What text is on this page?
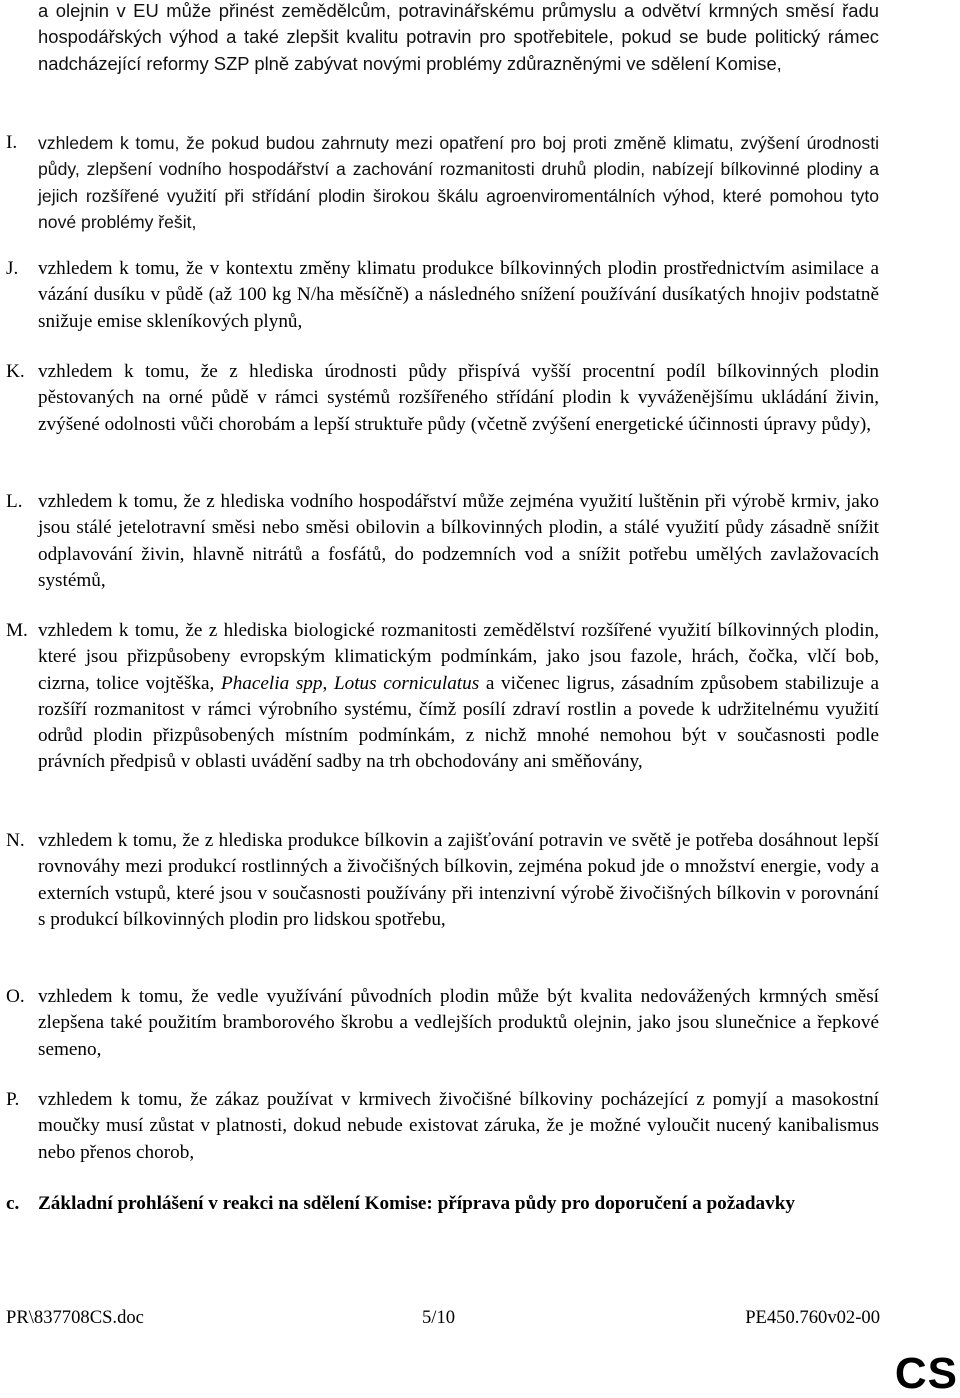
a olejnin v EU může přinést zemědělcům, potravinářskému průmyslu a odvětví krmných směsí řadu hospodářských výhod a také zlepšit kvalitu potravin pro spotřebitele, pokud se bude politický rámec nadcházející reformy SZP plně zabývat novými problémy zdůrazněnými ve sdělení Komise,
I.	vzhledem k tomu, že pokud budou zahrnuty mezi opatření pro boj proti změně klimatu, zvýšení úrodnosti půdy, zlepšení vodního hospodářství a zachování rozmanitosti druhů plodin, nabízejí bílkovinné plodiny a jejich rozšířené využití při střídání plodin širokou škálu agroenviromentálních výhod, které pomohou tyto nové problémy řešit,
J.	vzhledem k tomu, že v kontextu změny klimatu produkce bílkovinných plodin prostřednictvím asimilace a vázání dusíku v půdě (až 100 kg N/ha měsíčně) a následného snížení používání dusíkatých hnojiv podstatně snižuje emise skleníkových plynů,
K. vzhledem k tomu, že z hlediska úrodnosti půdy přispívá vyšší procentní podíl bílkovinných plodin pěstovaných na orné půdě v rámci systémů rozšířeného střídání plodin k vyváženějšímu ukládání živin, zvýšené odolnosti vůči chorobám a lepší struktuře půdy (včetně zvýšení energetické účinnosti úpravy půdy),
L. vzhledem k tomu, že z hlediska vodního hospodářství může zejména využití luštěnin při výrobě krmiv, jako jsou stálé jetelotravní směsi nebo směsi obilovin a bílkovinných plodin, a stálé využití půdy zásadně snížit odplavování živin, hlavně nitrátů a fosfátů, do podzemních vod a snížit potřebu umělých zavlažovacích systémů,
M. vzhledem k tomu, že z hlediska biologické rozmanitosti zemědělství rozšířené využití bílkovinných plodin, které jsou přizpůsobeny evropským klimatickým podmínkám, jako jsou fazole, hrách, čočka, vlčí bob, cizrna, tolice vojtěška, Phacelia spp, Lotus corniculatus a vičenec ligrus, zásadním způsobem stabilizuje a rozšíří rozmanitost v rámci výrobního systému, čímž posílí zdraví rostlin a povede k udržitelnému využití odrůd plodin přizpůsobených místním podmínkám, z nichž mnohé nemohou být v současnosti podle právních předpisů v oblasti uvádění sadby na trh obchodovány ani směňovány,
N. vzhledem k tomu, že z hlediska produkce bílkovin a zajišťování potravin ve světě je potřeba dosáhnout lepší rovnováhy mezi produkcí rostlinných a živočišných bílkovin, zejména pokud jde o množství energie, vody a externích vstupů, které jsou v současnosti používány při intenzivní výrobě živočišných bílkovin v porovnání s produkcí bílkovinných plodin pro lidskou spotřebu,
O. vzhledem k tomu, že vedle využívání původních plodin může být kvalita nedovážených krmných směsí zlepšena také použitím bramborového škrobu a vedlejších produktů olejnin, jako jsou slunečnice a řepkové semeno,
P. vzhledem k tomu, že zákaz používat v krmivech živočišné bílkoviny pocházející z pomyjí a masokostní moučky musí zůstat v platnosti, dokud nebude existovat záruka, že je možné vyloučit nucený kanibalismus nebo přenos chorob,
c. Základní prohlášení v reakci na sdělení Komise: příprava půdy pro doporučení a požadavky
PR\837708CS.doc	5/10	PE450.760v02-00
CS
